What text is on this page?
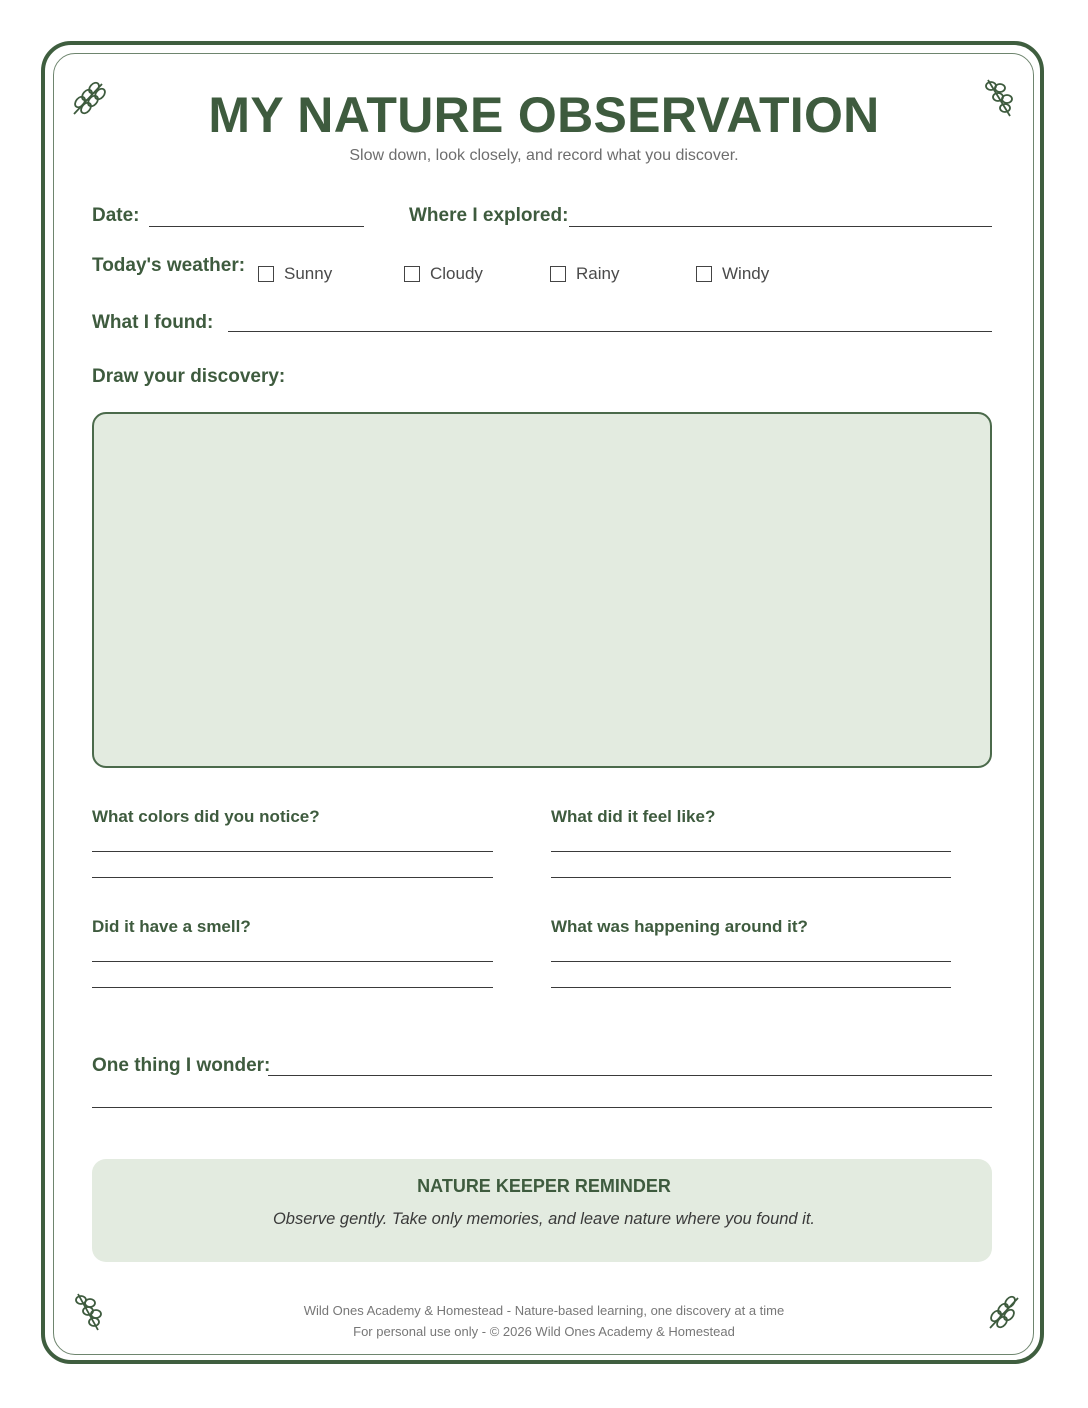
MY NATURE OBSERVATION
Slow down, look closely, and record what you discover.
Date:	Where I explored:
Today's weather: Sunny	Cloudy	Rainy	Windy
What I found:
Draw your discovery:
What colors did you notice?	What did it feel like?
Did it have a smell?	What was happening around it?
One thing I wonder:
NATURE KEEPER REMINDER
Observe gently. Take only memories, and leave nature where you found it.
Wild Ones Academy & Homestead - Nature-based learning, one discovery at a time
For personal use only - © 2026 Wild Ones Academy & Homestead
